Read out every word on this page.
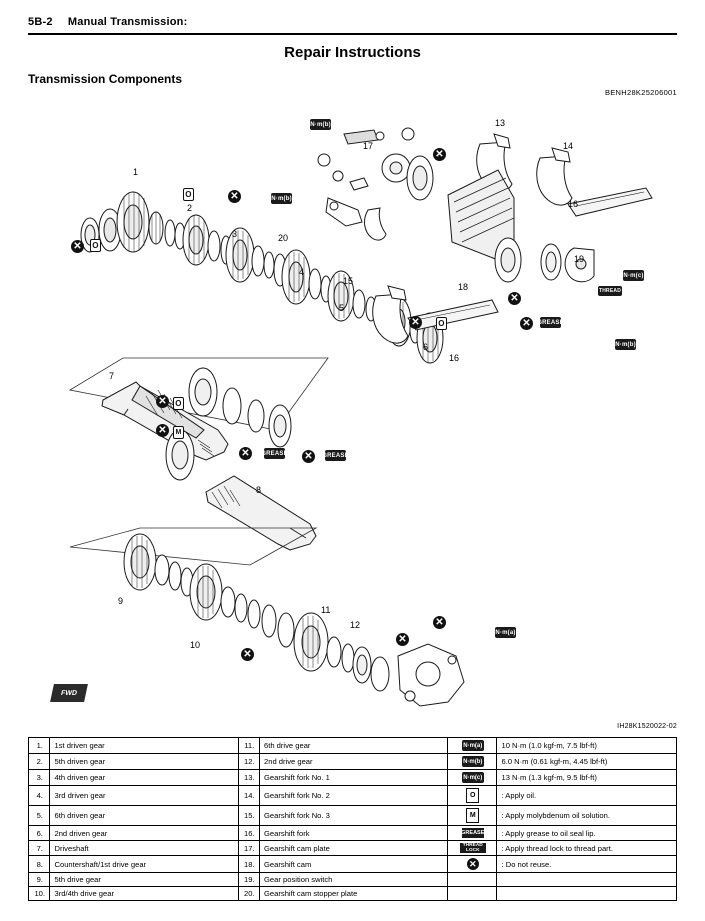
5B-2 Manual Transmission:
Repair Instructions
Transmission Components
BENH28K25206001
IH28K1520022-02
FWD
1
2
3
4
5
6
7
8
9
10
11
12
13
14
15
16
16
17
18
19
20
N·m(b)
N·m(b)
N·m(b)
N·m(c)
N·m(a)
O
O
O
O
M
GREASE	GREASE
GREASE
THREAD
✕
✕
✕
✕
✕
✕	✕
✕
✕
✕
✕
✕
✕
1.	1st driven gear	11.	6th drive gear	N·m(a)	10 N·m (1.0 kgf-m, 7.5 lbf-ft)
2.	5th driven gear	12.	2nd drive gear	N·m(b)	6.0 N·m (0.61 kgf-m, 4.45 lbf-ft)
3.	4th driven gear	13.	Gearshift fork No. 1	N·m(c)	13 N·m (1.3 kgf-m, 9.5 lbf-ft)
4.	3rd driven gear	14.	Gearshift fork No. 2	O	: Apply oil.
5.	6th driven gear	15.	Gearshift fork No. 3	M	: Apply molybdenum oil solution.
6.	2nd driven gear	16.	Gearshift fork	GREASE	: Apply grease to oil seal lip.
7.	Driveshaft	17.	Gearshift cam plate	THREAD LOCK	: Apply thread lock to thread part.
8.	Countershaft/1st drive gear	18.	Gearshift cam	✕	: Do not reuse.
9.	5th drive gear	19.	Gear position switch		
10.	3rd/4th drive gear	20.	Gearshift cam stopper plate		
